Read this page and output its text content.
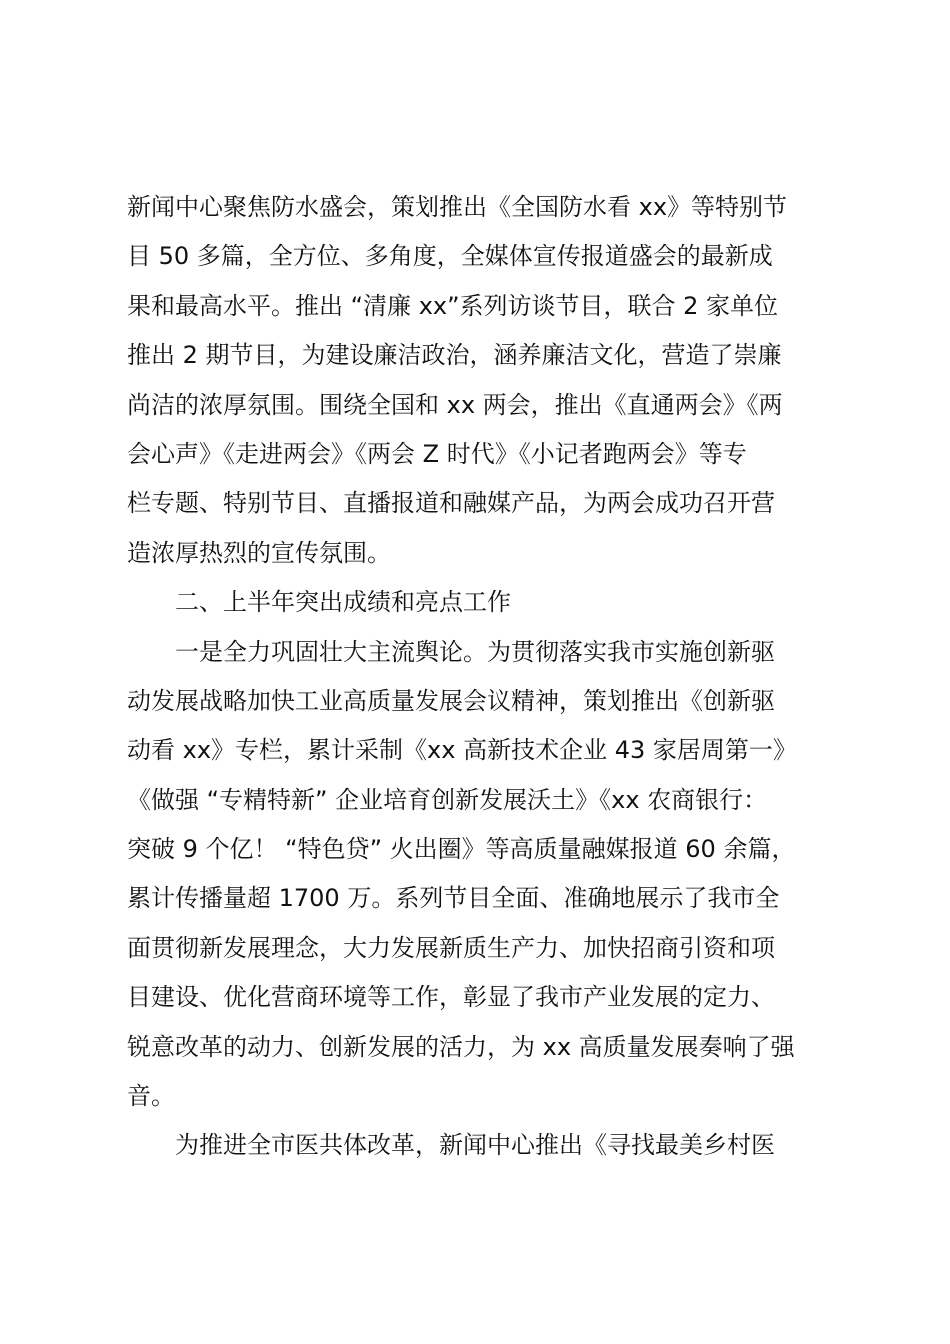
新闻中心聚焦防水盛会，策划推出《全国防水看 xx》等特别节
目 50 多篇，全方位、多角度，全媒体宣传报道盛会的最新成
果和最高水平。推出 “清廉 xx”系列访谈节目，联合 2 家单位
推出 2 期节目，为建设廉洁政治，涵养廉洁文化，营造了崇廉
尚洁的浓厚氛围。围绕全国和 xx 两会，推出《直通两会》《两
会心声》《走进两会》《两会 Z 时代》《小记者跑两会》等专
栏专题、特别节目、直播报道和融媒产品，为两会成功召开营
造浓厚热烈的宣传氛围。
二、上半年突出成绩和亮点工作
一是全力巩固壮大主流舆论。为贯彻落实我市实施创新驱
动发展战略加快工业高质量发展会议精神，策划推出《创新驱
动看 xx》专栏，累计采制《xx 高新技术企业 43 家居周第一》
《做强 “专精特新” 企业培育创新发展沃土》《xx 农商银行：
突破 9 个亿！ “特色贷” 火出圈》等高质量融媒报道 60 余篇，
累计传播量超 1700 万。系列节目全面、准确地展示了我市全
面贯彻新发展理念，大力发展新质生产力、加快招商引资和项
目建设、优化营商环境等工作，彰显了我市产业发展的定力、
锐意改革的动力、创新发展的活力，为 xx 高质量发展奏响了强
音。
为推进全市医共体改革，新闻中心推出《寻找最美乡村医
